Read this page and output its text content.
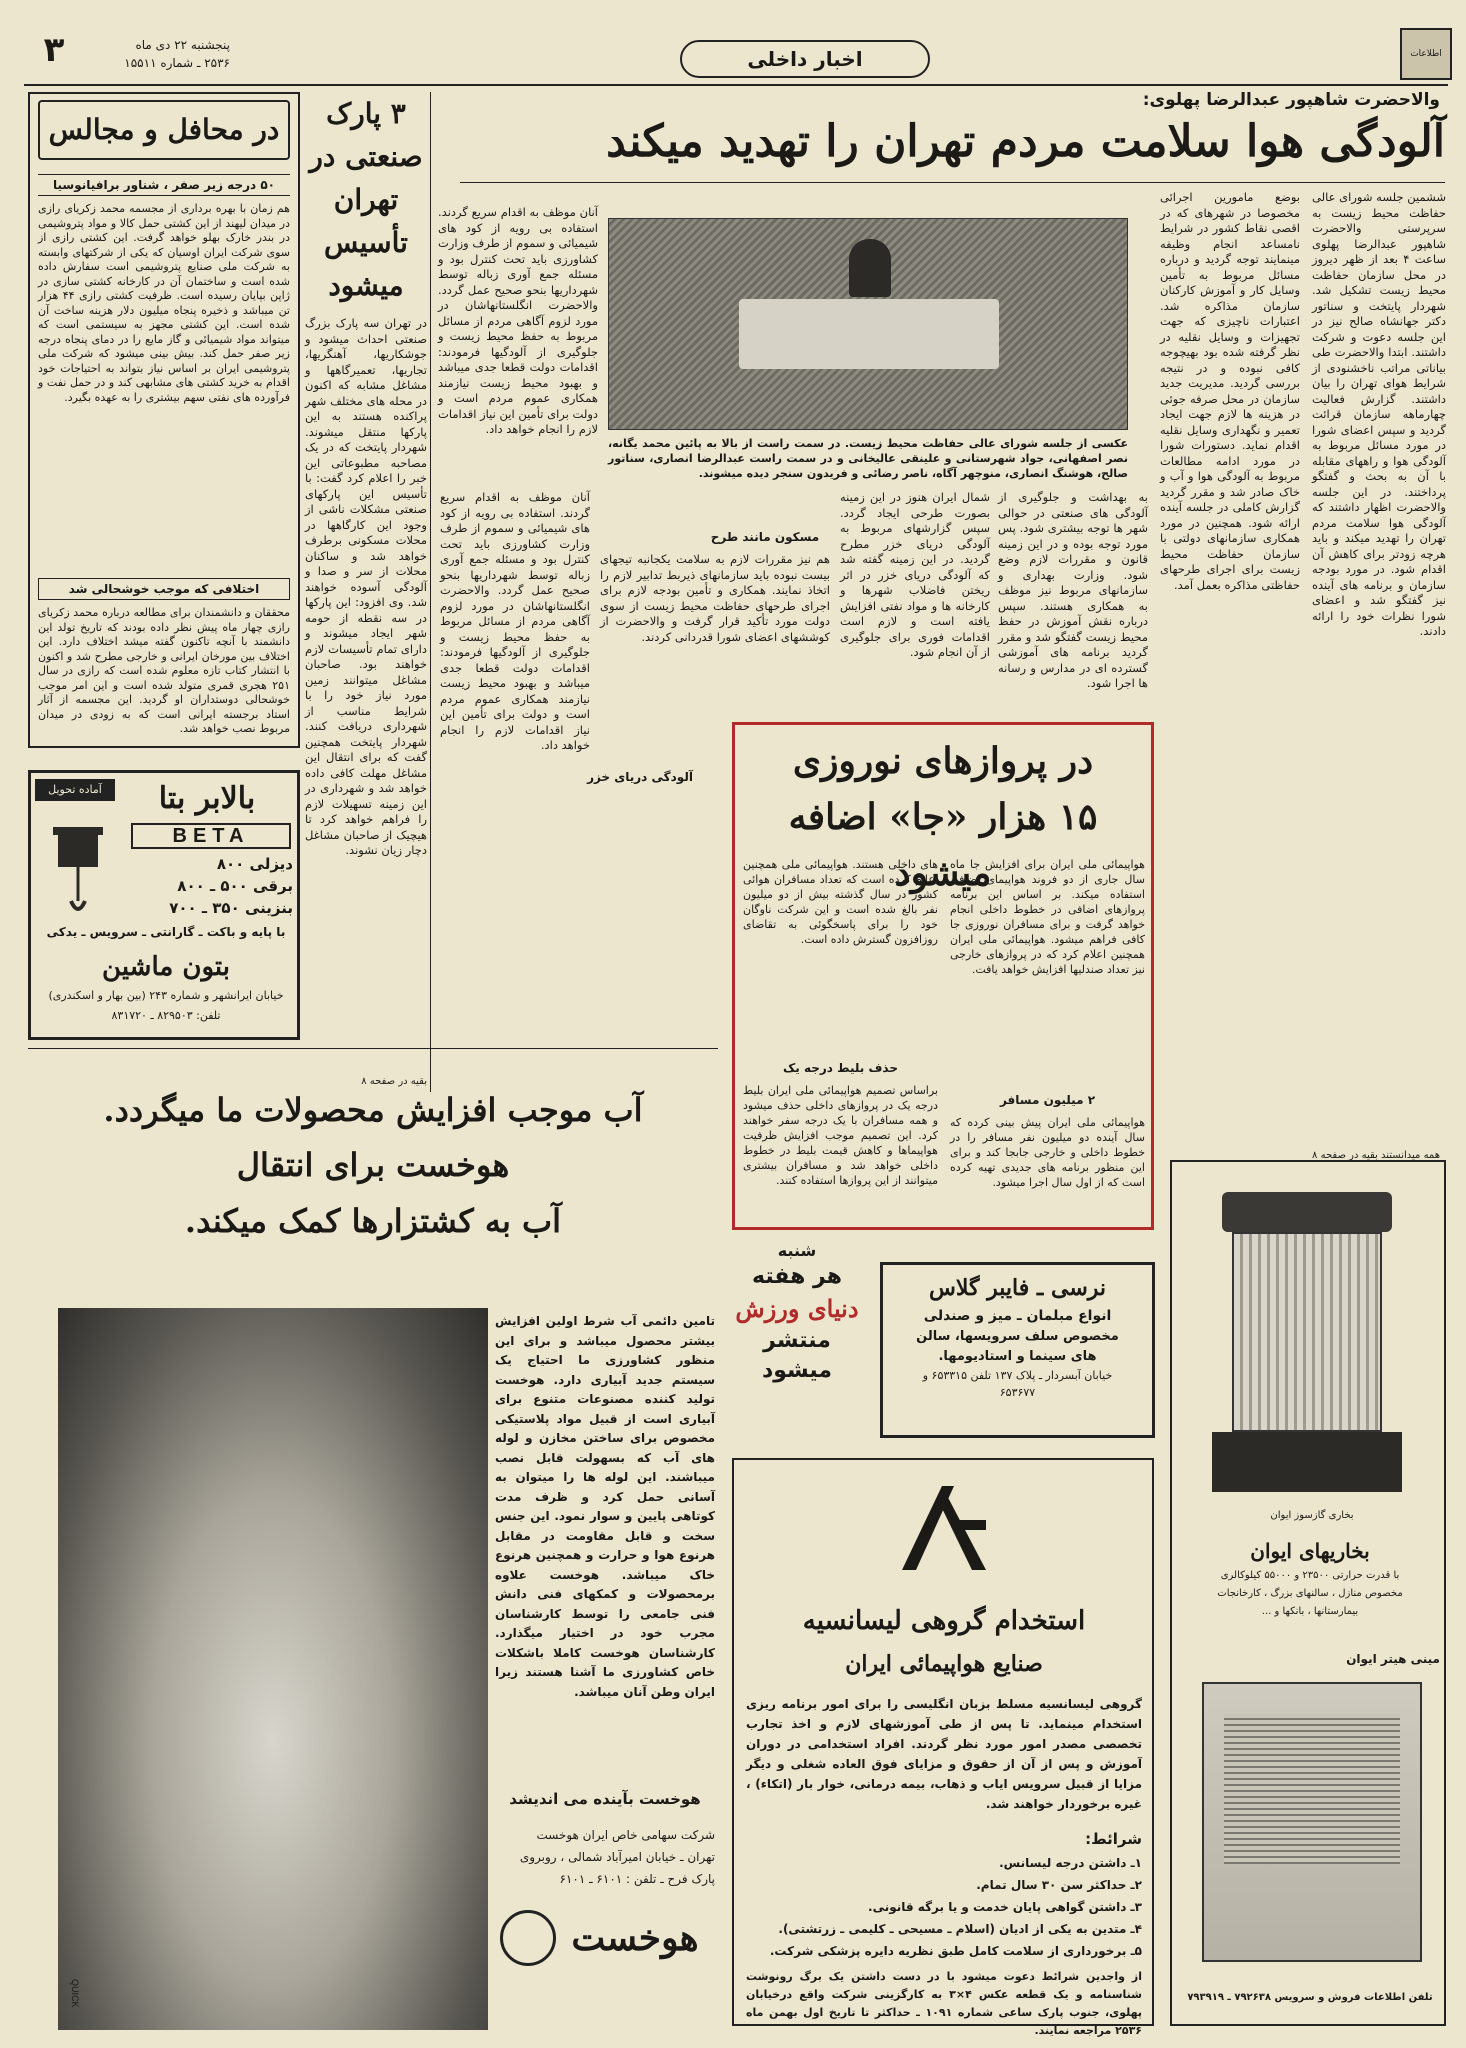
اطلاعات
اخبار داخلی
۳	پنجشنبه ۲۲ دی ماه
۲۵۳۶ ـ شماره ۱۵۵۱۱
والاحضرت شاهپور عبدالرضا پهلوی:
آلودگی هوا سلامت مردم تهران را تهدید میکند
ششمین جلسه شورای عالی حفاظت محیط زیست به سرپرستی والاحضرت شاهپور عبدالرضا پهلوی ساعت ۴ بعد از ظهر دیروز در محل سازمان حفاظت محیط زیست تشکیل شد. شهردار پایتخت و سناتور دکتر جهانشاه صالح نیز در این جلسه دعوت و شرکت داشتند. ابتدا والاحضرت طی بیاناتی مراتب ناخشنودی از شرایط هوای تهران را بیان داشتند. گزارش فعالیت چهارماهه سازمان قرائت گردید و سپس اعضای شورا در مورد مسائل مربوط به آلودگی هوا و راههای مقابله با آن به بحث و گفتگو پرداختند. در این جلسه والاحضرت اظهار داشتند که آلودگی هوا سلامت مردم تهران را تهدید میکند و باید هرچه زودتر برای کاهش آن اقدام شود. در مورد بودجه سازمان و برنامه های آینده نیز گفتگو شد و اعضای شورا نظرات خود را ارائه دادند.
بوضع مامورین اجرائی مخصوصا در شهرهای که در اقصی نقاط کشور در شرایط نامساعد انجام وظیفه مینمایند توجه گردید و درباره مسائل مربوط به تأمین وسایل کار و آموزش کارکنان سازمان مذاکره شد. اعتبارات ناچیزی که جهت تجهیزات و وسایل نقلیه در نظر گرفته شده بود بهیچوجه کافی نبوده و در نتیجه بررسی گردید. مدیریت جدید سازمان در محل صرفه جوئی در هزینه ها لازم جهت ایجاد تعمیر و نگهداری وسایل نقلیه اقدام نماید. دستورات شورا در مورد ادامه مطالعات مربوط به آلودگی هوا و آب و خاک صادر شد و مقرر گردید گزارش کاملی در جلسه آینده ارائه شود. همچنین در مورد همکاری سازمانهای دولتی با سازمان حفاظت محیط زیست برای اجرای طرحهای حفاظتی مذاکره بعمل آمد.
عکسی از جلسه شورای عالی حفاظت محیط زیست. در سمت راست از بالا به پائین محمد یگانه، نصر اصفهانی، جواد شهرستانی و علینقی عالیخانی و در سمت راست عبدالرضا انصاری، سناتور صالح، هوشنگ انصاری، منوچهر آگاه، ناصر رضائی و فریدون سنجر دیده میشوند.
آنان موظف به اقدام سریع گردند. استفاده بی رویه از کود های شیمیائی و سموم از طرف وزارت کشاورزی باید تحت کنترل بود و مسئله جمع آوری زباله توسط شهرداریها بنحو صحیح عمل گردد. والاحضرت انگلستانهاشان در مورد لزوم آگاهی مردم از مسائل مربوط به حفظ محیط زیست و جلوگیری از آلودگیها فرمودند: اقدامات دولت قطعا جدی میباشد و بهبود محیط زیست نیازمند همکاری عموم مردم است و دولت برای تأمین این نیاز اقدامات لازم را انجام خواهد داد.
به بهداشت و جلوگیری از آلودگی های صنعتی در حوالی شهر ها توجه بیشتری شود. پس مورد توجه بوده و در این زمینه قانون و مقررات لازم وضع شود. وزارت بهداری و سازمانهای مربوط نیز موظف به همکاری هستند. سپس درباره نقش آموزش در حفظ محیط زیست گفتگو شد و مقرر گردید برنامه های آموزشی گسترده ای در مدارس و رسانه ها اجرا شود.
شمال ایران هنوز در این زمینه بصورت طرحی ایجاد گردد. سپس گزارشهای مربوط به آلودگی دریای خزر مطرح گردید. در این زمینه گفته شد که آلودگی دریای خزر در اثر ریختن فاضلاب شهرها و کارخانه ها و مواد نفتی افزایش یافته است و لازم است اقدامات فوری برای جلوگیری از آن انجام شود.
مسکون مانند طرح
هم نیز مقررات لازم به سلامت یکجانبه تیجهای بیست نبوده باید سازمانهای ذیربط تدابیر لازم را اتخاذ نمایند. همکاری و تأمین بودجه لازم برای اجرای طرحهای حفاظت محیط زیست از سوی دولت مورد تأکید قرار گرفت و والاحضرت از کوششهای اعضای شورا قدردانی کردند.
آلودگی دریای خزر
آنان موظف به اقدام سریع گردند. استفاده بی رویه از کود های شیمیائی و سموم از طرف وزارت کشاورزی باید تحت کنترل بود و مسئله جمع آوری زباله توسط شهرداریها بنحو صحیح عمل گردد. والاحضرت انگلستانهاشان در مورد لزوم آگاهی مردم از مسائل مربوط به حفظ محیط زیست و جلوگیری از آلودگیها فرمودند: اقدامات دولت قطعا جدی میباشد و بهبود محیط زیست نیازمند همکاری عموم مردم است و دولت برای تأمین این نیاز اقدامات لازم را انجام خواهد داد.
همه میدانستند بقیه در صفحه ۸
۳ پارک صنعتی در تهران تأسیس میشود
در تهران سه پارک بزرگ صنعتی احداث میشود و جوشکاریها، آهنگریها، تجاریها، تعمیرگاهها و مشاغل مشابه که اکنون در محله های مختلف شهر پراکنده هستند به این پارکها منتقل میشوند. شهردار پایتخت که در یک مصاحبه مطبوعاتی این خبر را اعلام کرد گفت: با تأسیس این پارکهای صنعتی مشکلات ناشی از وجود این کارگاهها در محلات مسکونی برطرف خواهد شد و ساکنان محلات از سر و صدا و آلودگی آسوده خواهند شد. وی افزود: این پارکها در سه نقطه از حومه شهر ایجاد میشوند و دارای تمام تأسیسات لازم خواهند بود. صاحبان مشاغل میتوانند زمین مورد نیاز خود را با شرایط مناسب از شهرداری دریافت کنند. شهردار پایتخت همچنین گفت که برای انتقال این مشاغل مهلت کافی داده خواهد شد و شهرداری در این زمینه تسهیلات لازم را فراهم خواهد کرد تا هیچیک از صاحبان مشاغل دچار زیان نشوند.
بقیه در صفحه ۸
در محافل و مجالس
۵۰ درجه زیر صفر ، شناور برافیانوسیا
هم زمان با بهره برداری از مجسمه محمد زکریای رازی در میدان لیهند از این کشتی حمل کالا و مواد پتروشیمی در بندر خارک بهلو خواهد گرفت. این کشتی رازی از سوی شرکت ایران اوسیان که یکی از شرکتهای وابسته به شرکت ملی صنایع پتروشیمی است سفارش داده شده است و ساختمان آن در کارخانه کشتی سازی در ژاپن بپایان رسیده است. ظرفیت کشتی رازی ۴۴ هزار تن میباشد و ذخیره پنجاه میلیون دلار هزینه ساخت آن شده است. این کشتی مجهز به سیستمی است که میتواند مواد شیمیائی و گاز مایع را در دمای پنجاه درجه زیر صفر حمل کند. بیش بینی میشود که شرکت ملی پتروشیمی ایران بر اساس نیاز بتواند به احتیاجات خود اقدام به خرید کشتی های مشابهی کند و در حمل نفت و فرآورده های نفتی سهم بیشتری را به عهده بگیرد.
اختلافی که موجب خوشحالی شد
محققان و دانشمندان برای مطالعه درباره محمد زکریای رازی چهار ماه پیش نظر داده بودند که تاریخ تولد این دانشمند با آنچه تاکنون گفته میشد اختلاف دارد. این اختلاف بین مورخان ایرانی و خارجی مطرح شد و اکنون با انتشار کتاب تازه معلوم شده است که رازی در سال ۲۵۱ هجری قمری متولد شده است و این امر موجب خوشحالی دوستداران او گردید. این مجسمه از آثار استاد برجسته ایرانی است که به زودی در میدان مربوط نصب خواهد شد.
آماده تحویل	بالابر بتا
BETA
دیزلی ۸۰۰
برقی ۵۰۰ ـ ۸۰۰
بنزینی ۳۵۰ ـ ۷۰۰
با پایه و باکت ـ گارانتی ـ سرویس ـ یدکی
بتون ماشین
خیابان ایرانشهر و شماره ۲۴۳ (بین بهار و اسکندری)
تلفن: ۸۲۹۵۰۳ ـ ۸۳۱۷۲۰
در پروازهای نوروزی
۱۵ هزار «جا» اضافه میشود
هواپیمائی ملی ایران برای افزایش جا ماه سال جاری از دو فروند هواپیمای اضافی استفاده میکند. بر اساس این برنامه پروازهای اضافی در خطوط داخلی انجام خواهد گرفت و برای مسافران نوروزی جا کافی فراهم میشود. هواپیمائی ملی ایران همچنین اعلام کرد که در پروازهای خارجی نیز تعداد صندلیها افزایش خواهد یافت.
۲ میلیون مسافر
هواپیمائی ملی ایران پیش بینی کرده که سال آینده دو میلیون نفر مسافر را در خطوط داخلی و خارجی جابجا کند و برای این منظور برنامه های جدیدی تهیه کرده است که از اول سال اجرا میشود.
های داخلی هستند. هواپیمائی ملی همچنین اعلام کرده است که تعداد مسافران هوائی کشور در سال گذشته بیش از دو میلیون نفر بالغ شده است و این شرکت ناوگان خود را برای پاسخگوئی به تقاضای روزافزون گسترش داده است.
حذف بلیط درجه یک
براساس تصمیم هواپیمائی ملی ایران بلیط درجه یک در پروازهای داخلی حذف میشود و همه مسافران با یک درجه سفر خواهند کرد. این تصمیم موجب افزایش ظرفیت هواپیماها و کاهش قیمت بلیط در خطوط داخلی خواهد شد و مسافران بیشتری میتوانند از این پروازها استفاده کنند.
شنبه
هر هفته
دنیای ورزش
منتشر
میشود
نرسی ـ فایبر گلاس
انواع مبلمان ـ میز و صندلی
مخصوص سلف سرویسها، سالن
های سینما و استادیومها.
خیابان آبسردار ـ پلاک ۱۳۷ تلفن ۶۵۳۳۱۵ و
۶۵۳۶۷۷
آب موجب افزایش محصولات ما میگردد.
هوخست برای انتقال
آب به کشتزارها کمک میکند.
QUICK
تامین دائمی آب شرط اولین افزایش بیشتر محصول میباشد و برای این منظور کشاورزی ما احتیاج یک سیستم جدید آبیاری دارد. هوخست تولید کننده مصنوعات متنوع برای آبیاری است از قبیل مواد پلاستیکی مخصوص برای ساختن مخازن و لوله های آب که بسهولت قابل نصب میباشند. این لوله ها را میتوان به آسانی حمل کرد و ظرف مدت کوتاهی پایین و سوار نمود. این جنس سخت و قابل مقاومت در مقابل هرنوع هوا و حرارت و همچنین هرنوع خاک میباشد. هوخست علاوه برمحصولات و کمکهای فنی دانش فنی جامعی را توسط کارشناسان مجرب خود در اختیار میگذارد. کارشناسان هوخست کاملا باشکلات خاص کشاورزی ما آشنا هستند زیرا ایران وطن آنان میباشد.
هوخست بآینده می اندیشد
شرکت سهامی خاص ایران هوخست
تهران ـ خیابان امیرآباد شمالی ، روبروی
پارک فرح ـ تلفن : ۶۱۰۱ ـ ۶۱۰۱
هوخست
استخدام گروهی لیسانسیه
صنایع هواپیمائی ایران
گروهی لیسانسیه مسلط بزبان انگلیسی را برای امور برنامه ریزی استخدام مینماید. تا پس از طی آموزشهای لازم و اخذ تجارب تخصصی مصدر امور مورد نظر گردند. افراد استخدامی در دوران آموزش و پس از آن از حقوق و مزایای فوق العاده شغلی و دیگر مزایا از قبیل سرویس ایاب و ذهاب، بیمه درمانی، خوار بار (اتکاء) ، غیره برخوردار خواهند شد.
شرائط:
۱ـ داشتن درجه لیسانس.
۲ـ حداکثر سن ۳۰ سال تمام.
۳ـ داشتن گواهی پایان خدمت و یا برگه قانونی.
۴ـ متدین به یکی از ادیان (اسلام ـ مسیحی ـ کلیمی ـ زرتشتی).
۵ـ برخورداری از سلامت کامل طبق نظریه دایره پزشکی شرکت.
از واجدین شرائط دعوت میشود با در دست داشتن یک برگ رونوشت شناسنامه و یک قطعه عکس ۴×۳ به کارگزینی شرکت واقع درخیابان پهلوی، جنوب پارک ساعی شماره ۱۰۹۱ ـ حداکثر تا تاریخ اول بهمن ماه ۲۵۳۶ مراجعه نمایند.
بخاری گازسوز ایوان
بخاریهای ایوان
با قدرت حرارتی ۲۳۵۰۰ و ۵۵۰۰۰ کیلوکالری
مخصوص منازل ، سالنهای بزرگ ، کارخانجات
بیمارستانها ، بانکها و ...
مینی هیتر ایوان
تلفن اطلاعات فروش و سرویس ۷۹۲۶۳۸ ـ ۷۹۳۹۱۹
